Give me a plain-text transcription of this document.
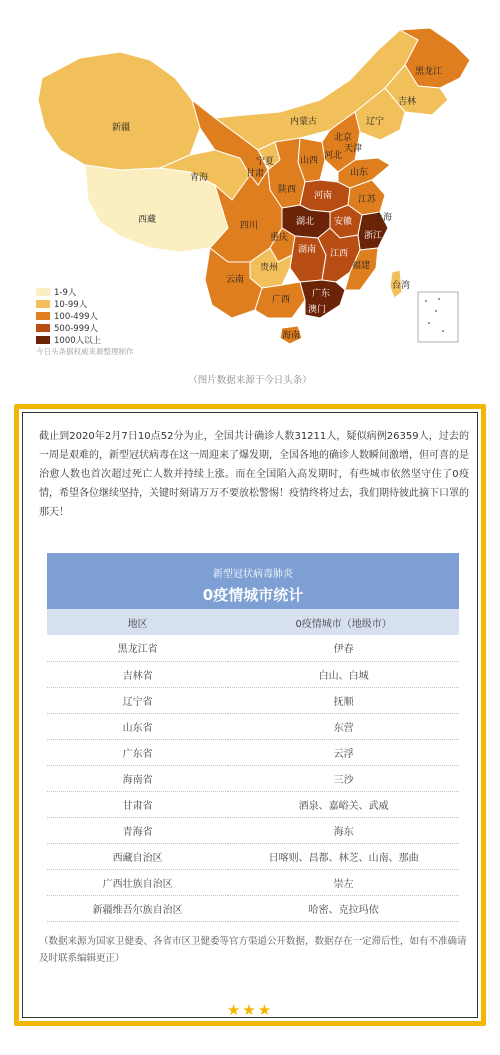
黑龙江
吉林
辽宁
内蒙古
新疆
北京
天津
河北
山西
山东
宁夏
甘肃
青海
陕西
河南	江苏
安徽 上海
湖北
西藏
四川
重庆	浙江
湖南 江西
贵州	福建
云南
广西
广东
台湾
澳门
海南
1-9人
10-99人
100-499人
500-999人
1000人以上
今日头条据权威来源整理制作
（图片数据来源于今日头条）

截止到2020年2月7日10点52分为止，全国共计确诊人数31211人，疑似病例26359人，过去的一周是艰难的，新型冠状病毒在这一周迎来了爆发期，全国各地的确诊人数瞬间激增，但可喜的是治愈人数也首次超过死亡人数并持续上涨。而在全国陷入高发期时，有些城市依然坚守住了0疫情，希望各位继续坚持，关键时刻请万万不要放松警惕！疫情终将过去，我们期待彼此摘下口罩的那天！

新型冠状病毒肺炎
0疫情城市统计	

地区	0疫情城市（地级市）
黑龙江省	伊春
吉林省	白山、白城
辽宁省	抚顺
山东省	东营
广东省	云浮
海南省	三沙
甘肃省	酒泉、嘉峪关、武威
青海省	海东
西藏自治区	日喀则、昌都、林芝、山南、那曲
广西壮族自治区	崇左
新疆维吾尔族自治区	哈密、克拉玛依

（数据来源为国家卫健委、各省市区卫健委等官方渠道公开数据，数据存在一定滞后性，如有不准确请及时联系编辑更正）

★★★
